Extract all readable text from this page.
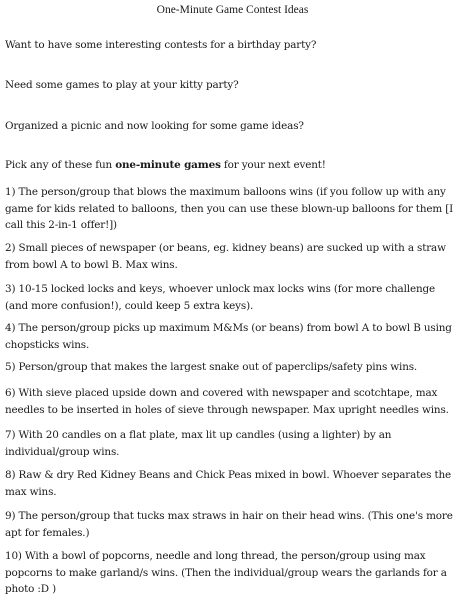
One-Minute Game Contest Ideas

Want to have some interesting contests for a birthday party?

Need some games to play at your kitty party?

Organized a picnic and now looking for some game ideas?

Pick any of these fun one-minute games for your next event!

1) The person/group that blows the maximum balloons wins (if you follow up with any game for kids related to balloons, then you can use these blown-up balloons for them [I call this 2-in-1 offer!])

2) Small pieces of newspaper (or beans, eg. kidney beans) are sucked up with a straw from bowl A to bowl B. Max wins.

3) 10-15 locked locks and keys, whoever unlock max locks wins (for more challenge (and more confusion!), could keep 5 extra keys).

4) The person/group picks up maximum M&Ms (or beans) from bowl A to bowl B using chopsticks wins.

5) Person/group that makes the largest snake out of paperclips/safety pins wins.

6) With sieve placed upside down and covered with newspaper and scotchtape, max needles to be inserted in holes of sieve through newspaper. Max upright needles wins.

7) With 20 candles on a flat plate, max lit up candles (using a lighter) by an individual/group wins.

8) Raw & dry Red Kidney Beans and Chick Peas mixed in bowl. Whoever separates the max wins.

9) The person/group that tucks max straws in hair on their head wins. (This one's more apt for females.)

10) With a bowl of popcorns, needle and long thread, the person/group using max popcorns to make garland/s wins. (Then the individual/group wears the garlands for a photo :D )
